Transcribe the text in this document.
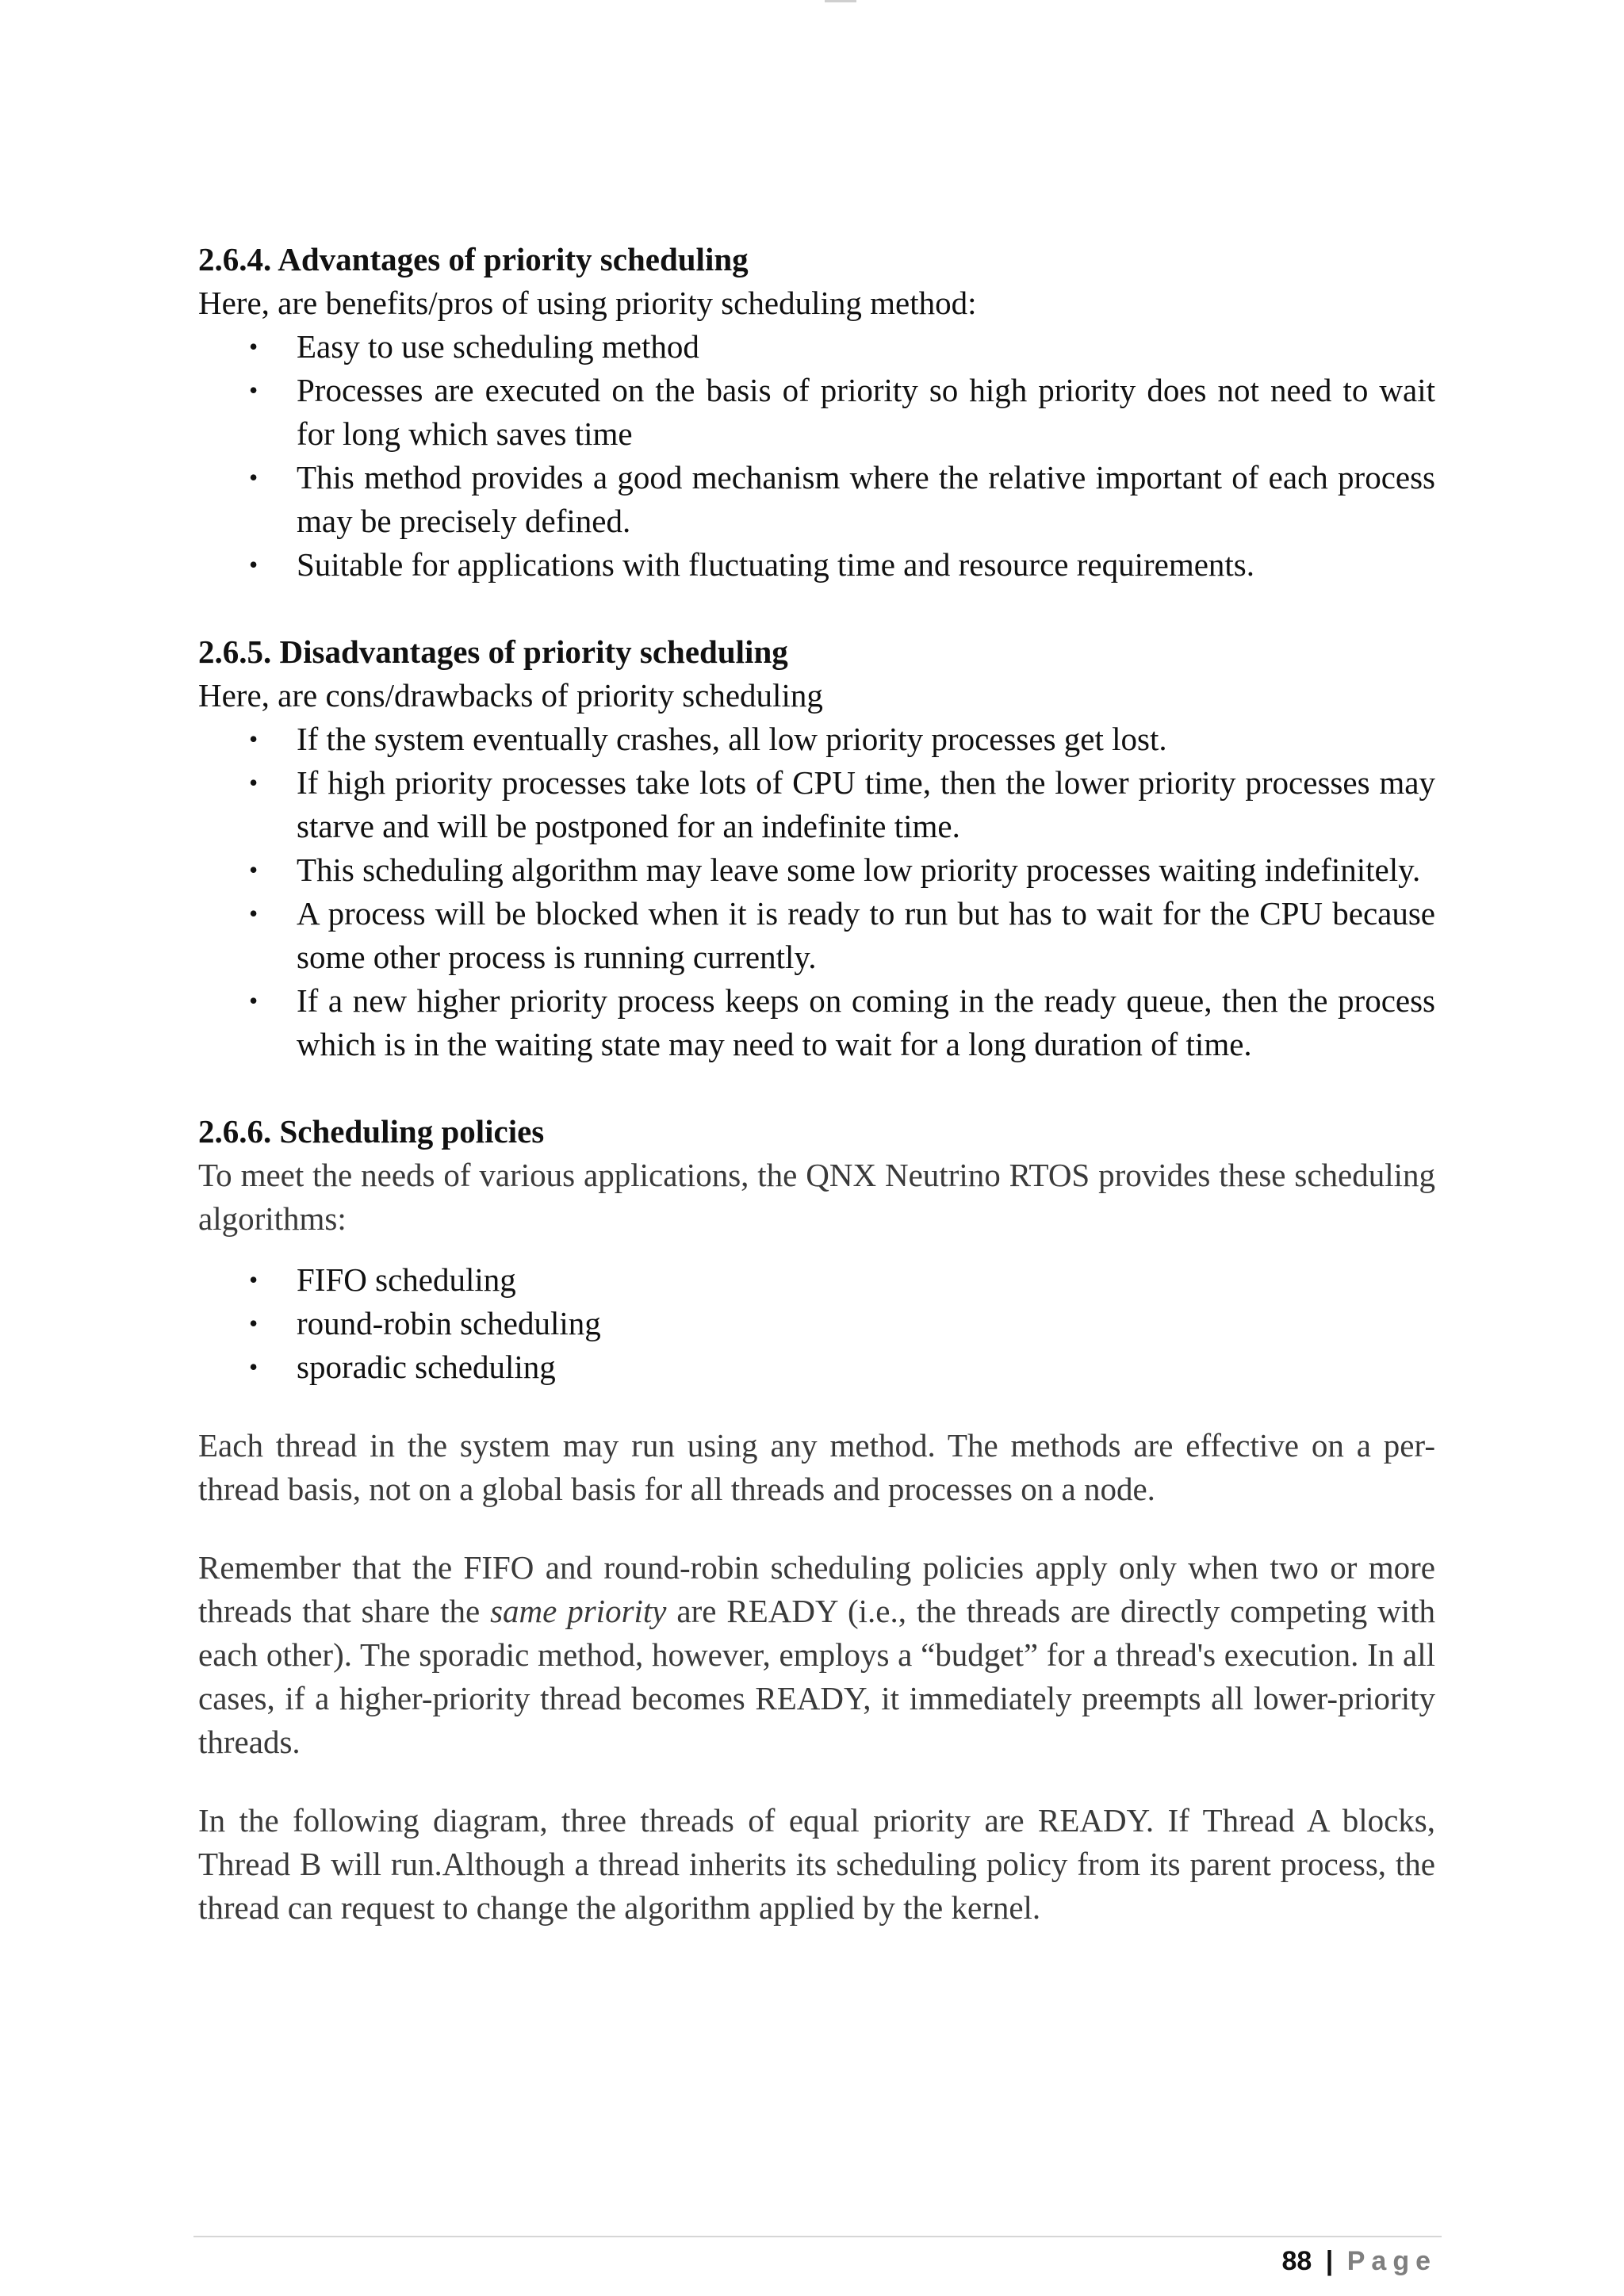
2.6.4. Advantages of priority scheduling

Here, are benefits/pros of using priority scheduling method:

• Easy to use scheduling method
• Processes are executed on the basis of priority so high priority does not need to wait for long which saves time
• This method provides a good mechanism where the relative important of each process may be precisely defined.
• Suitable for applications with fluctuating time and resource requirements.
2.6.5. Disadvantages of priority scheduling

Here, are cons/drawbacks of priority scheduling

• If the system eventually crashes, all low priority processes get lost.
• If high priority processes take lots of CPU time, then the lower priority processes may starve and will be postponed for an indefinite time.
• This scheduling algorithm may leave some low priority processes waiting indefinitely.
• A process will be blocked when it is ready to run but has to wait for the CPU because some other process is running currently.
• If a new higher priority process keeps on coming in the ready queue, then the process which is in the waiting state may need to wait for a long duration of time.
2.6.6. Scheduling policies

To meet the needs of various applications, the QNX Neutrino RTOS provides these scheduling algorithms:

• FIFO scheduling
• round-robin scheduling
• sporadic scheduling

Each thread in the system may run using any method. The methods are effective on a per-thread basis, not on a global basis for all threads and processes on a node.

Remember that the FIFO and round-robin scheduling policies apply only when two or more threads that share the same priority are READY (i.e., the threads are directly competing with each other). The sporadic method, however, employs a “budget” for a thread's execution. In all cases, if a higher-priority thread becomes READY, it immediately preempts all lower-priority threads.

In the following diagram, three threads of equal priority are READY. If Thread A blocks, Thread B will run.Although a thread inherits its scheduling policy from its parent process, the thread can request to change the algorithm applied by the kernel.

88 | Page
